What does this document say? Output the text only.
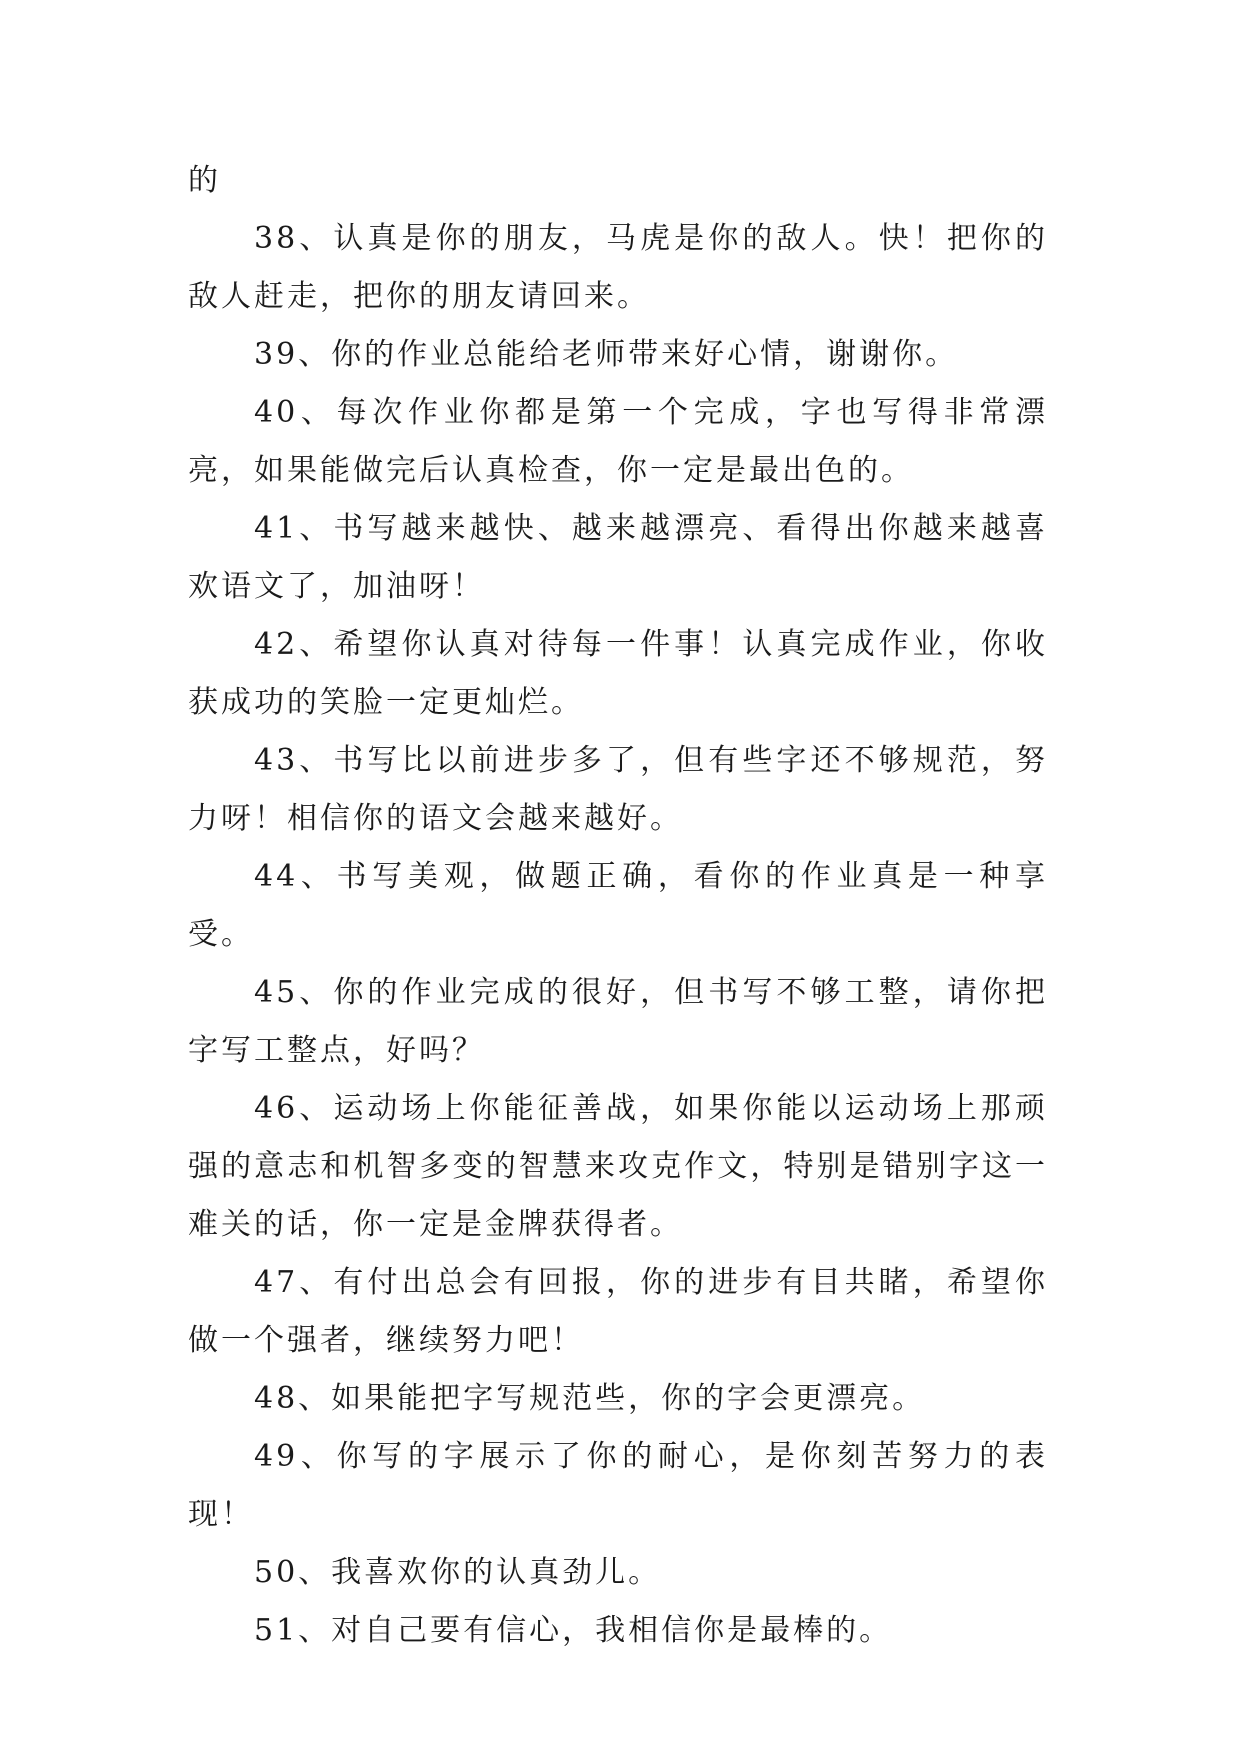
的

38、认真是你的朋友，马虎是你的敌人。快！把你的敌人赶走，把你的朋友请回来。

39、你的作业总能给老师带来好心情，谢谢你。

40、每次作业你都是第一个完成，字也写得非常漂亮，如果能做完后认真检查，你一定是最出色的。

41、书写越来越快、越来越漂亮、看得出你越来越喜欢语文了，加油呀！

42、希望你认真对待每一件事！认真完成作业，你收获成功的笑脸一定更灿烂。

43、书写比以前进步多了，但有些字还不够规范，努力呀！相信你的语文会越来越好。

44、书写美观，做题正确，看你的作业真是一种享受。

45、你的作业完成的很好，但书写不够工整，请你把字写工整点，好吗？

46、运动场上你能征善战，如果你能以运动场上那顽强的意志和机智多变的智慧来攻克作文，特别是错别字这一难关的话，你一定是金牌获得者。

47、有付出总会有回报，你的进步有目共睹，希望你做一个强者，继续努力吧！

48、如果能把字写规范些，你的字会更漂亮。

49、你写的字展示了你的耐心，是你刻苦努力的表现！

50、我喜欢你的认真劲儿。

51、对自己要有信心，我相信你是最棒的。
